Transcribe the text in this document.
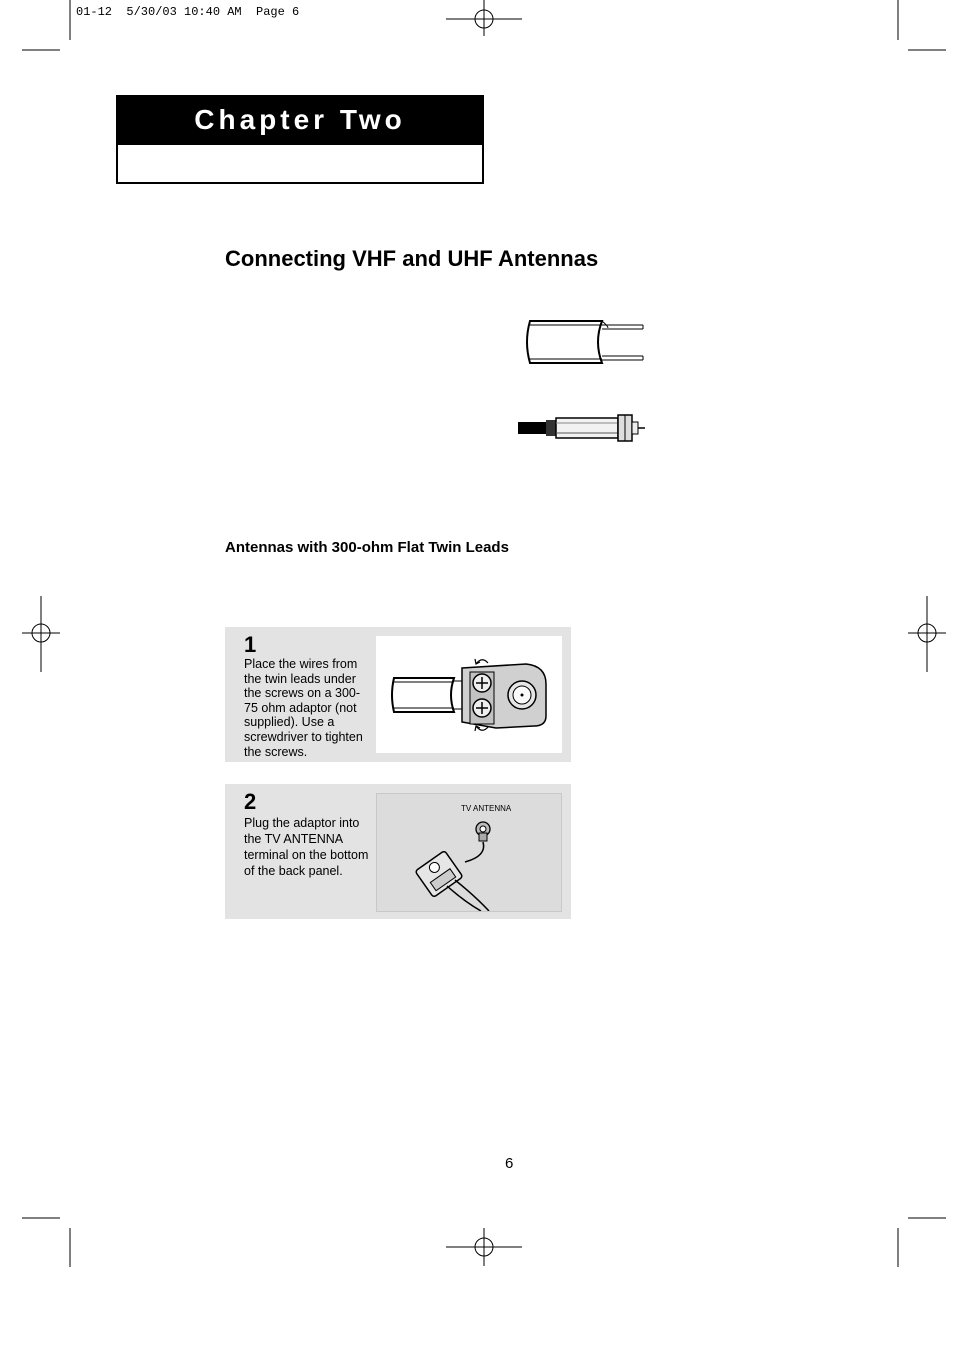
01-12  5/30/03 10:40 AM  Page 6
Chapter Two
Connecting VHF and UHF Antennas
Antennas with 300-ohm Flat Twin Leads
1
Place the wires from the twin leads under the screws on a 300-75 ohm adaptor (not supplied). Use a screwdriver to tighten the screws.
2
Plug the adaptor into the TV ANTENNA terminal on the bottom of the back panel.
TV ANTENNA
6
